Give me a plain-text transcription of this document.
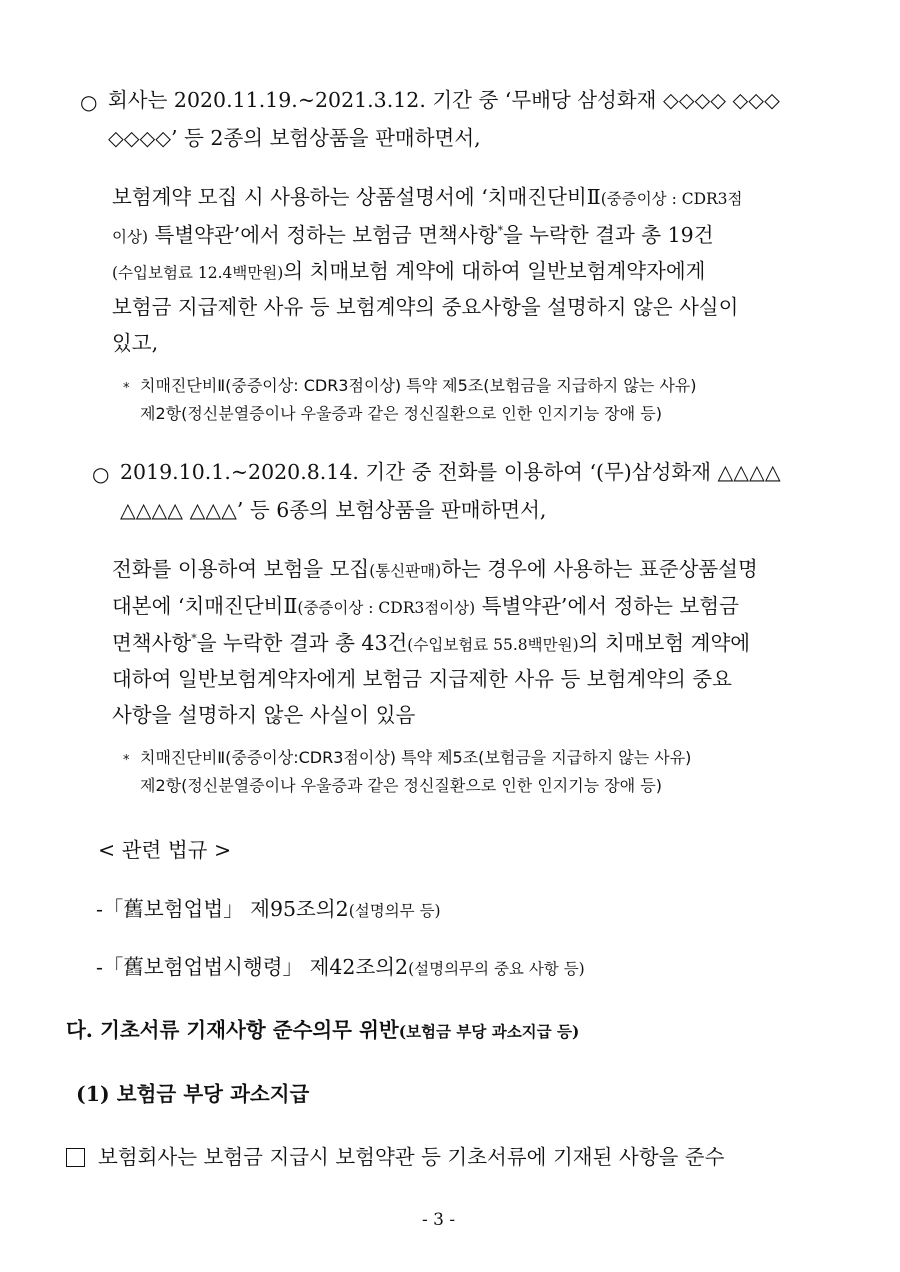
○ 회사는 2020.11.19.~2021.3.12. 기간 중 ‘무배당 삼성화재 ◇◇◇◇ ◇◇◇
◇◇◇◇’ 등 2종의 보험상품을 판매하면서,
보험계약 모집 시 사용하는 상품설명서에 ‘치매진단비Ⅱ(중증이상 : CDR3점
이상) 특별약관’에서 정하는 보험금 면책사항*을 누락한 결과 총 19건
(수입보험료 12.4백만원)의 치매보험 계약에 대하여 일반보험계약자에게
보험금 지급제한 사유 등 보험계약의 중요사항을 설명하지 않은 사실이
있고,
* 치매진단비Ⅱ(중증이상: CDR3점이상) 특약 제5조(보험금을 지급하지 않는 사유)
제2항(정신분열증이나 우울증과 같은 정신질환으로 인한 인지기능 장애 등)
○ 2019.10.1.~2020.8.14. 기간 중 전화를 이용하여 ‘(무)삼성화재 △△△△
△△△△ △△△’ 등 6종의 보험상품을 판매하면서,
전화를 이용하여 보험을 모집(통신판매)하는 경우에 사용하는 표준상품설명
대본에 ‘치매진단비Ⅱ(중증이상 : CDR3점이상) 특별약관’에서 정하는 보험금
면책사항*을 누락한 결과 총 43건(수입보험료 55.8백만원)의 치매보험 계약에
대하여 일반보험계약자에게 보험금 지급제한 사유 등 보험계약의 중요
사항을 설명하지 않은 사실이 있음
* 치매진단비Ⅱ(중증이상:CDR3점이상) 특약 제5조(보험금을 지급하지 않는 사유)
제2항(정신분열증이나 우울증과 같은 정신질환으로 인한 인지기능 장애 등)
< 관련 법규 >
-「舊보험업법」 제95조의2(설명의무 등)
-「舊보험업법시행령」 제42조의2(설명의무의 중요 사항 등)
다. 기초서류 기재사항 준수의무 위반(보험금 부당 과소지급 등)
(1) 보험금 부당 과소지급
보험회사는 보험금 지급시 보험약관 등 기초서류에 기재된 사항을 준수
- 3 -
